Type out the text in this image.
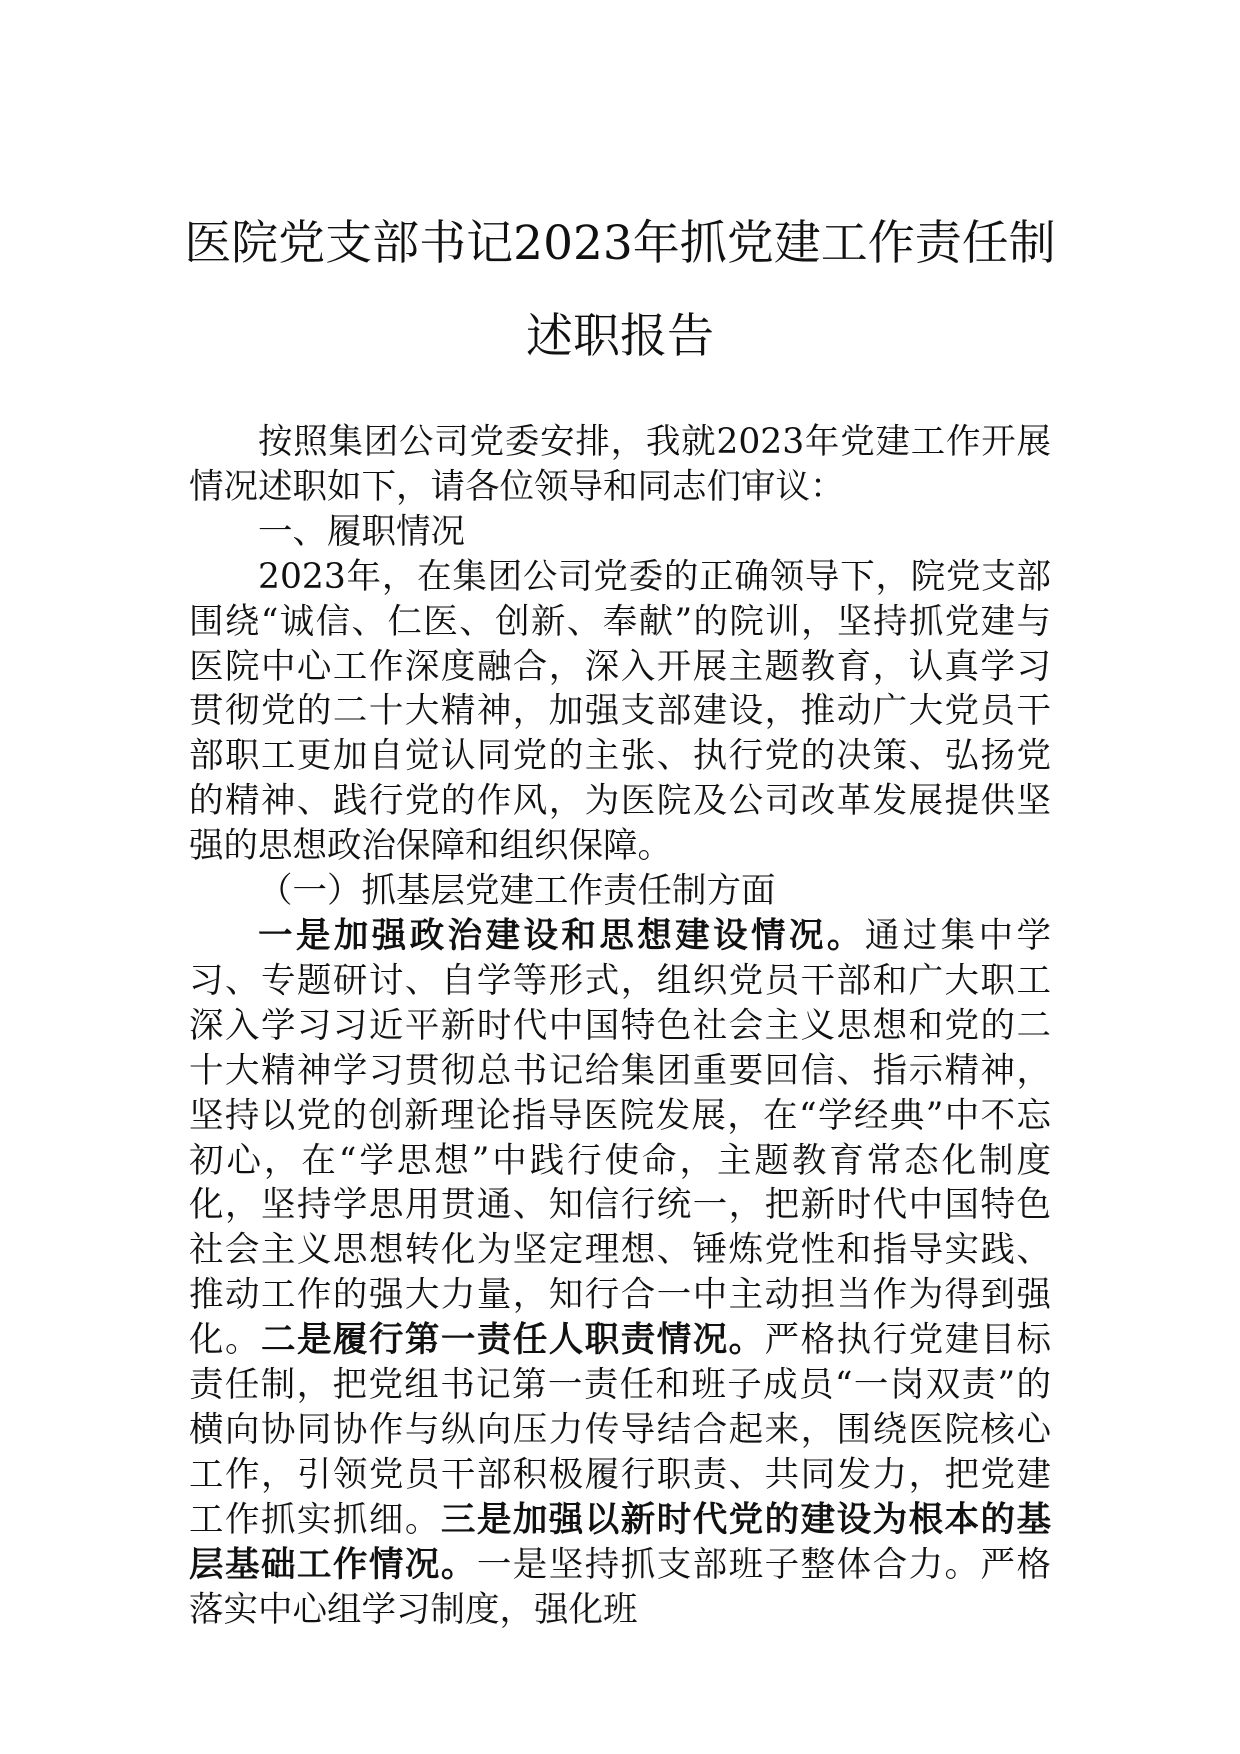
医院党支部书记2023年抓党建工作责任制
述职报告

按照集团公司党委安排，我就2023年党建工作开展情况述职如下，请各位领导和同志们审议：

一、履职情况

2023年，在集团公司党委的正确领导下，院党支部围绕“诚信、仁医、创新、奉献”的院训，坚持抓党建与医院中心工作深度融合，深入开展主题教育，认真学习贯彻党的二十大精神，加强支部建设，推动广大党员干部职工更加自觉认同党的主张、执行党的决策、弘扬党的精神、践行党的作风，为医院及公司改革发展提供坚强的思想政治保障和组织保障。

（一）抓基层党建工作责任制方面

一是加强政治建设和思想建设情况。通过集中学习、专题研讨、自学等形式，组织党员干部和广大职工深入学习习近平新时代中国特色社会主义思想和党的二十大精神学习贯彻总书记给集团重要回信、指示精神，坚持以党的创新理论指导医院发展，在“学经典”中不忘初心，在“学思想”中践行使命，主题教育常态化制度化，坚持学思用贯通、知信行统一，把新时代中国特色社会主义思想转化为坚定理想、锤炼党性和指导实践、推动工作的强大力量，知行合一中主动担当作为得到强化。二是履行第一责任人职责情况。严格执行党建目标责任制，把党组书记第一责任和班子成员“一岗双责”的横向协同协作与纵向压力传导结合起来，围绕医院核心工作，引领党员干部积极履行职责、共同发力，把党建工作抓实抓细。三是加强以新时代党的建设为根本的基层基础工作情况。一是坚持抓支部班子整体合力。严格落实中心组学习制度，强化班
